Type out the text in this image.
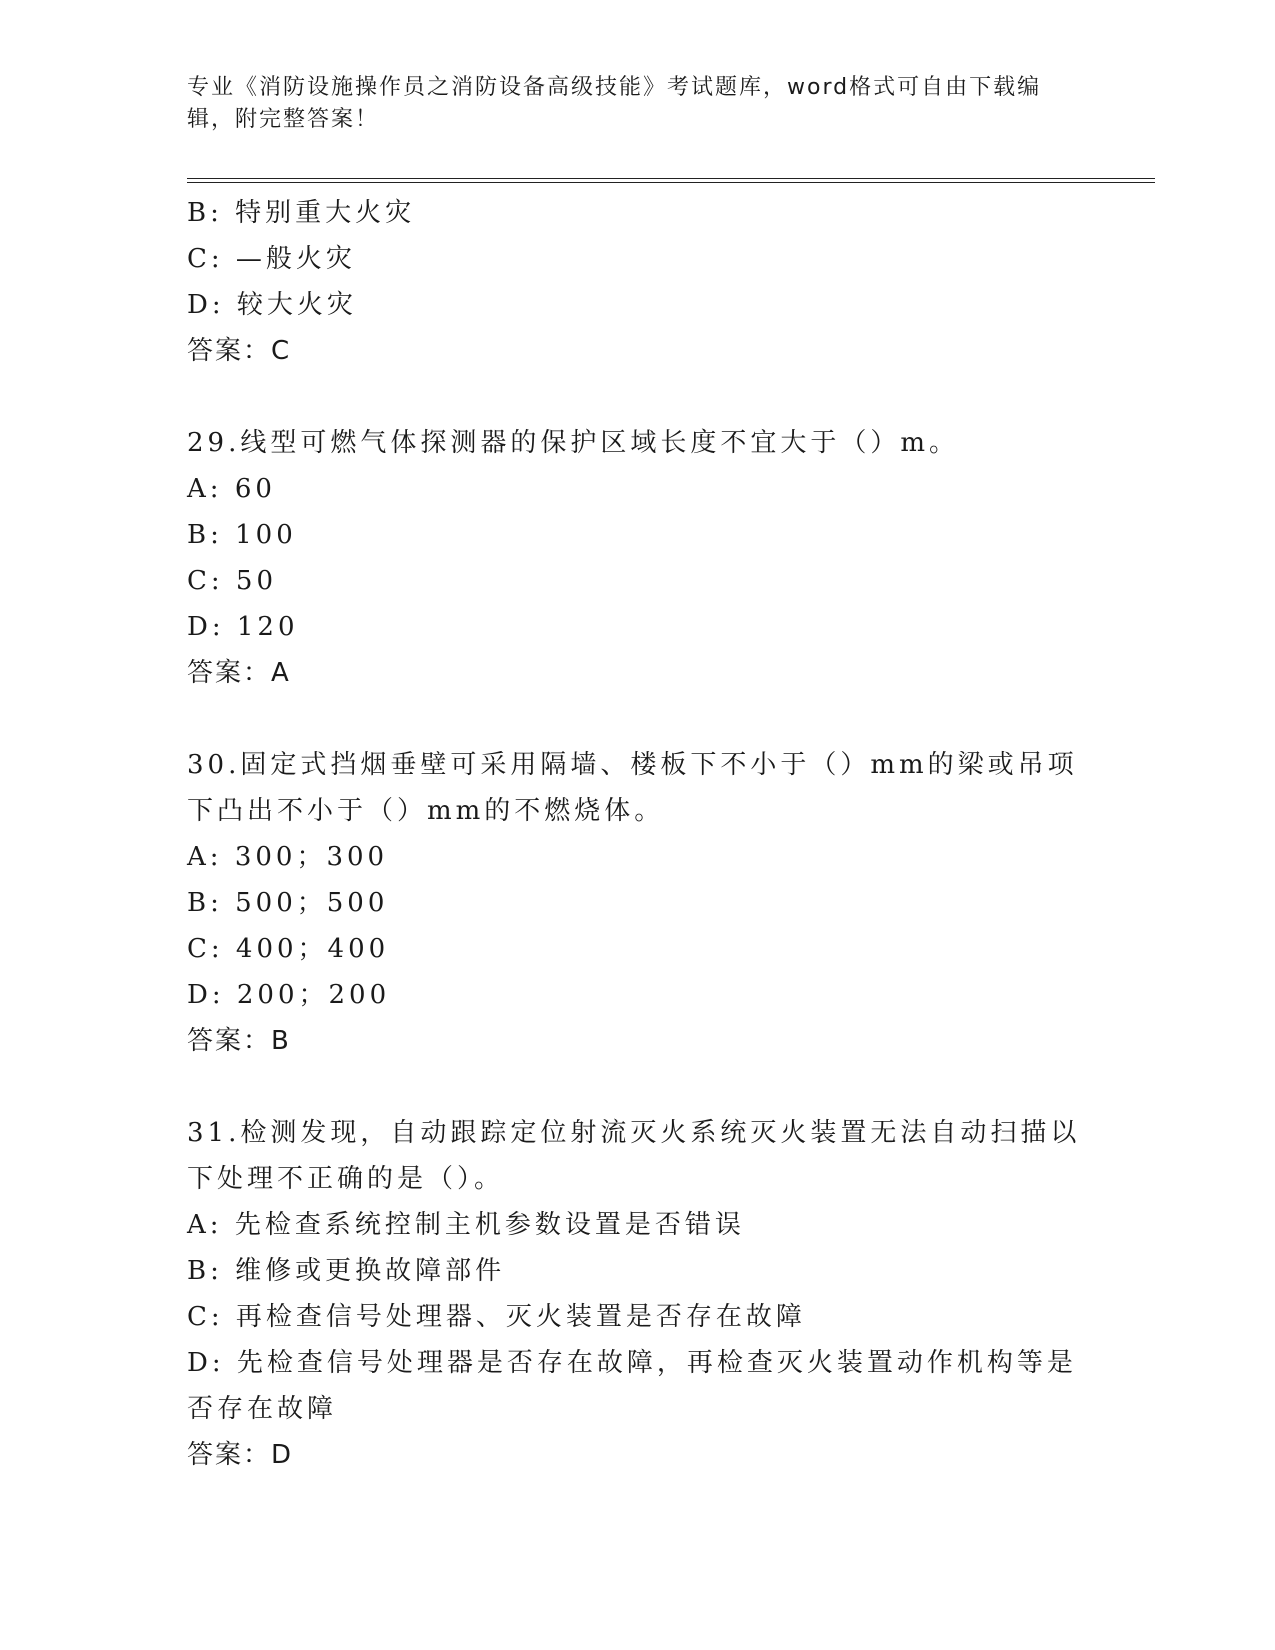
专业《消防设施操作员之消防设备高级技能》考试题库，word格式可自由下载编辑，附完整答案！
B: 特别重大火灾
C: —般火灾
D: 较大火灾
答案：C
29.线型可燃气体探测器的保护区域长度不宜大于（）m。
A: 60
B: 100
C: 50
D: 120
答案：A
30.固定式挡烟垂壁可采用隔墙、楼板下不小于（）mm的梁或吊项下凸出不小于（）mm的不燃烧体。
A: 300；300
B: 500；500
C: 400；400
D: 200；200
答案：B
31.检测发现，自动跟踪定位射流灭火系统灭火装置无法自动扫描以下处理不正确的是（）。
A: 先检查系统控制主机参数设置是否错误
B: 维修或更换故障部件
C: 再检查信号处理器、灭火装置是否存在故障
D: 先检查信号处理器是否存在故障，再检查灭火装置动作机构等是否存在故障
答案：D
